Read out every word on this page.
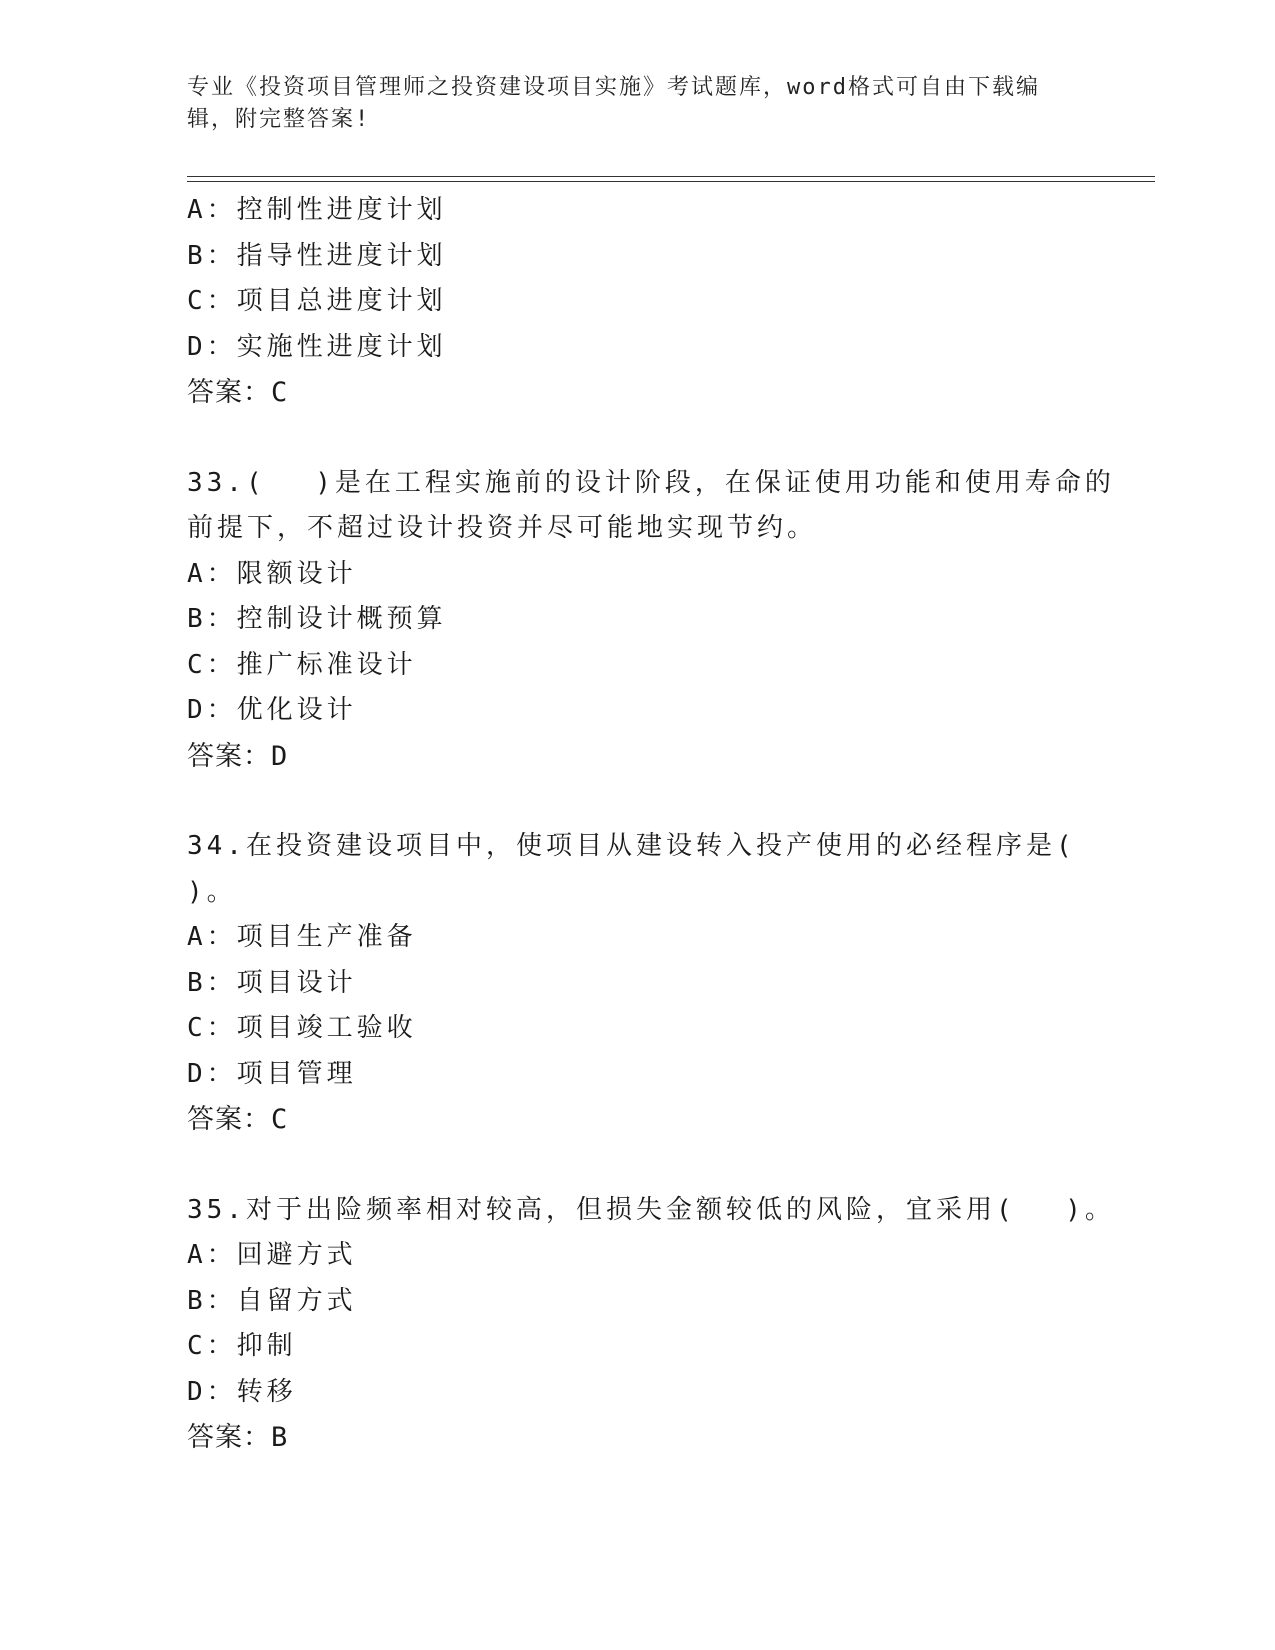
专业《投资项目管理师之投资建设项目实施》考试题库，word格式可自由下载编辑，附完整答案!
A：控制性进度计划
B：指导性进度计划
C：项目总进度计划
D：实施性进度计划
答案：C
33.(　 )是在工程实施前的设计阶段，在保证使用功能和使用寿命的
前提下，不超过设计投资并尽可能地实现节约。
A：限额设计
B：控制设计概预算
C：推广标准设计
D：优化设计
答案：D
34.在投资建设项目中，使项目从建设转入投产使用的必经程序是(
)。
A：项目生产准备
B：项目设计
C：项目竣工验收
D：项目管理
答案：C
35.对于出险频率相对较高，但损失金额较低的风险，宜采用(　 )。
A：回避方式
B：自留方式
C：抑制
D：转移
答案：B
